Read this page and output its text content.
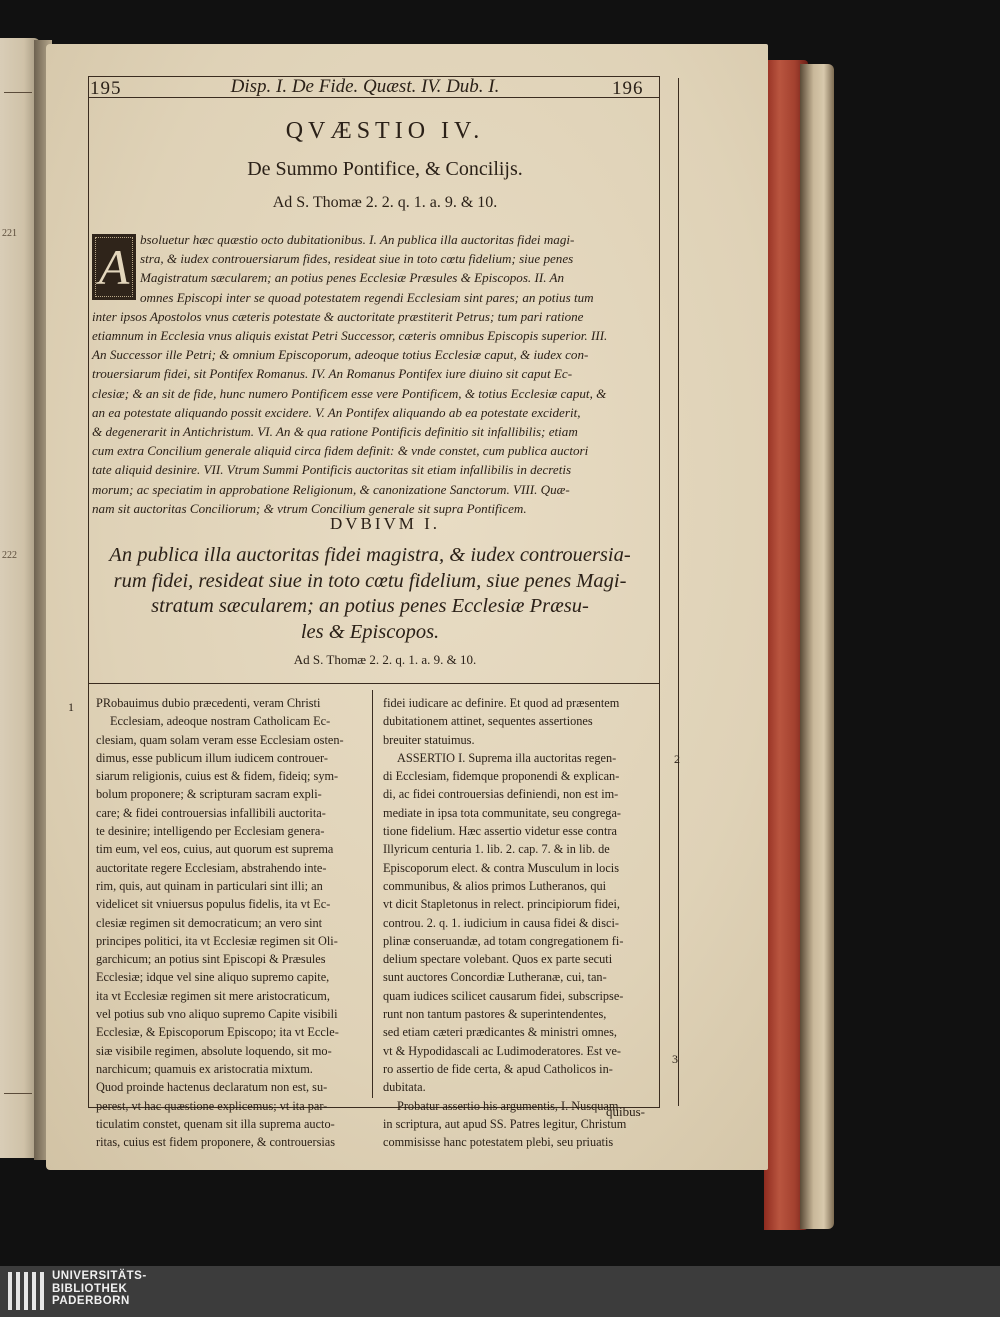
221
222
195	Disp. I. De Fide. Quæst. IV. Dub. I.	196
QVÆSTIO IV.
De Summo Pontifice, & Concilijs.
Ad S. Thomæ 2. 2. q. 1. a. 9. & 10.
A bsoluetur hæc quæstio octo dubitationibus. I. An publica illa auctoritas fidei magi-
stra, & iudex controuersiarum fides, resideat siue in toto cœtu fidelium; siue penes
Magistratum sæcularem; an potius penes Ecclesiæ Præsules & Episcopos. II. An
omnes Episcopi inter se quoad potestatem regendi Ecclesiam sint pares; an potius tum
inter ipsos Apostolos vnus cæteris potestate & auctoritate præstiterit Petrus; tum pari ratione
etiamnum in Ecclesia vnus aliquis existat Petri Successor, cæteris omnibus Episcopis superior. III.
An Successor ille Petri; & omnium Episcoporum, adeoque totius Ecclesiæ caput, & iudex con-
trouersiarum fidei, sit Pontifex Romanus. IV. An Romanus Pontifex iure diuino sit caput Ec-
clesiæ; & an sit de fide, hunc numero Pontificem esse vere Pontificem, & totius Ecclesiæ caput, &
an ea potestate aliquando possit excidere. V. An Pontifex aliquando ab ea potestate exciderit,
& degenerarit in Antichristum. VI. An & qua ratione Pontificis definitio sit infallibilis; etiam
cum extra Concilium generale aliquid circa fidem definit: & vnde constet, cum publica auctori
tate aliquid desinire. VII. Vtrum Summi Pontificis auctoritas sit etiam infallibilis in decretis
morum; ac speciatim in approbatione Religionum, & canonizatione Sanctorum. VIII. Quæ-
nam sit auctoritas Conciliorum; & vtrum Concilium generale sit supra Pontificem.
DVBIVM I.
An publica illa auctoritas fidei magistra, & iudex controuersia-
rum fidei, resideat siue in toto cœtu fidelium, siue penes Magi-
stratum sæcularem; an potius penes Ecclesiæ Præsu-
les & Episcopos.
Ad S. Thomæ 2. 2. q. 1. a. 9. & 10.
1
2
3
PRobauimus dubio præcedenti, veram Christi
Ecclesiam, adeoque nostram Catholicam Ec-
clesiam, quam solam veram esse Ecclesiam osten-
dimus, esse publicum illum iudicem controuer-
siarum religionis, cuius est & fidem, fideiq; sym-
bolum proponere; & scripturam sacram expli-
care; & fidei controuersias infallibili auctorita-
te desinire; intelligendo per Ecclesiam genera-
tim eum, vel eos, cuius, aut quorum est suprema
auctoritate regere Ecclesiam, abstrahendo inte-
rim, quis, aut quinam in particulari sint illi; an
videlicet sit vniuersus populus fidelis, ita vt Ec-
clesiæ regimen sit democraticum; an vero sint
principes politici, ita vt Ecclesiæ regimen sit Oli-
garchicum; an potius sint Episcopi & Præsules
Ecclesiæ; idque vel sine aliquo supremo capite,
ita vt Ecclesiæ regimen sit mere aristocraticum,
vel potius sub vno aliquo supremo Capite visibili
Ecclesiæ, & Episcoporum Episcopo; ita vt Eccle-
siæ visibile regimen, absolute loquendo, sit mo-
narchicum; quamuis ex aristocratia mixtum.
Quod proinde hactenus declaratum non est, su-
perest, vt hac quæstione explicemus; vt ita par-
ticulatim constet, quenam sit illa suprema aucto-
ritas, cuius est fidem proponere, & controuersias
fidei iudicare ac definire. Et quod ad præsentem
dubitationem attinet, sequentes assertiones
breuiter statuimus.
ASSERTIO I. Suprema illa auctoritas regen-
di Ecclesiam, fidemque proponendi & explican-
di, ac fidei controuersias definiendi, non est im-
mediate in ipsa tota communitate, seu congrega-
tione fidelium. Hæc assertio videtur esse contra
Illyricum centuria 1. lib. 2. cap. 7. & in lib. de
Episcoporum elect. & contra Musculum in locis
communibus, & alios primos Lutheranos, qui
vt dicit Stapletonus in relect. principiorum fidei,
controu. 2. q. 1. iudicium in causa fidei & disci-
plinæ conseruandæ, ad totam congregationem fi-
delium spectare volebant. Quos ex parte secuti
sunt auctores Concordiæ Lutheranæ, cui, tan-
quam iudices scilicet causarum fidei, subscripse-
runt non tantum pastores & superintendentes,
sed etiam cæteri prædicantes & ministri omnes,
vt & Hypodidascali ac Ludimoderatores. Est ve-
ro assertio de fide certa, & apud Catholicos in-
dubitata.
Probatur assertio his argumentis, I. Nusquam
in scriptura, aut apud SS. Patres legitur, Christum
commisisse hanc potestatem plebi, seu priuatis
quibus-
UNIVERSITÄTS-
BIBLIOTHEK
PADERBORN
